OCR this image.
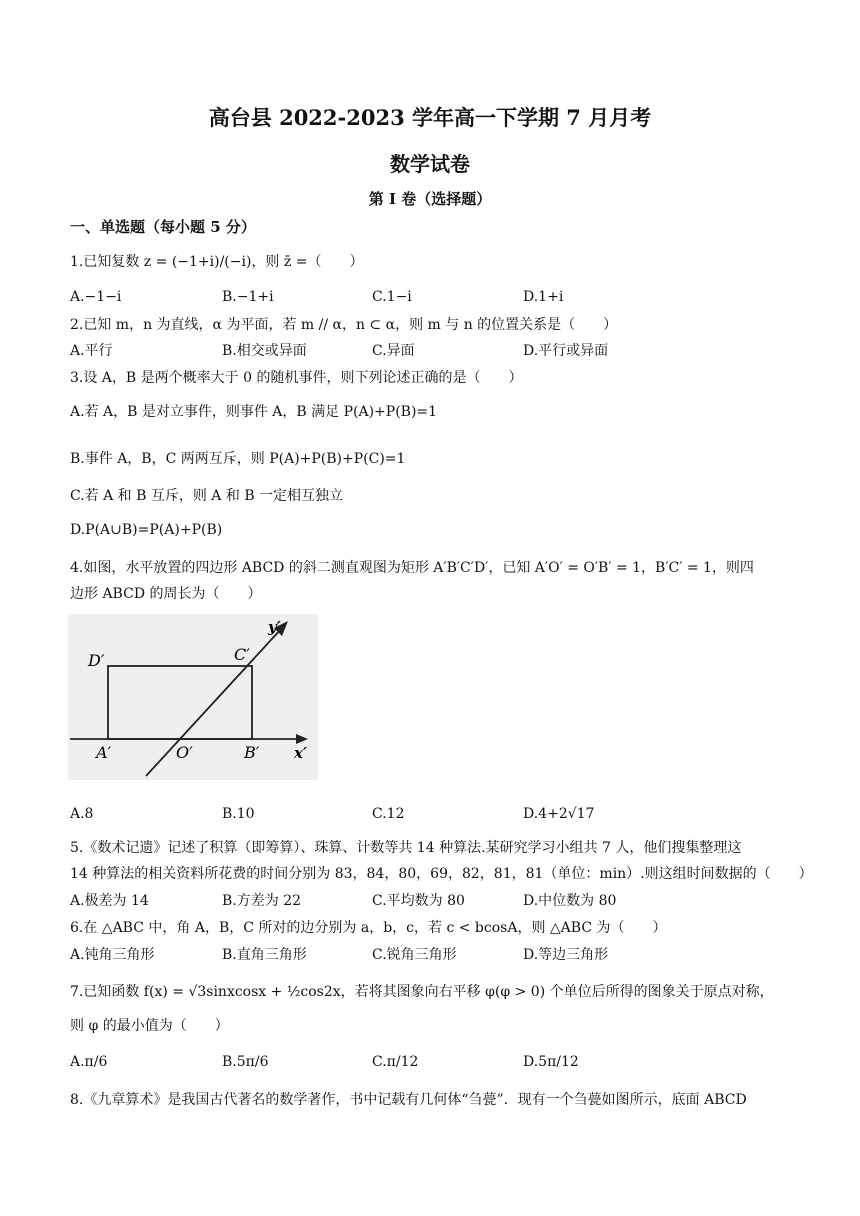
高台县 2022-2023 学年高一下学期 7 月月考
数学试卷
第 I 卷（选择题）
一、单选题（每小题 5 分）
1.已知复数 z = (−1+i)/(−i)，则 z̄ =（　　）
A.−1−i	B.−1+i	C.1−i	D.1+i
2.已知 m，n 为直线，α 为平面，若 m // α，n ⊂ α，则 m 与 n 的位置关系是（　　）
A.平行	B.相交或异面	C.异面	D.平行或异面
3.设 A，B 是两个概率大于 0 的随机事件，则下列论述正确的是（　　）
A.若 A，B 是对立事件，则事件 A，B 满足 P(A)+P(B)=1
B.事件 A，B，C 两两互斥，则 P(A)+P(B)+P(C)=1
C.若 A 和 B 互斥，则 A 和 B 一定相互独立
D.P(A∪B)=P(A)+P(B)
4.如图，水平放置的四边形 ABCD 的斜二测直观图为矩形 A′B′C′D′，已知 A′O′ = O′B′ = 1，B′C′ = 1，则四
边形 ABCD 的周长为（　　）
D′	C′
A′	O′	B′ x′
y′
A.8	B.10	C.12	D.4+2√17
5.《数术记遗》记述了积算（即筹算）、珠算、计数等共 14 种算法.某研究学习小组共 7 人，他们搜集整理这
14 种算法的相关资料所花费的时间分别为 83，84，80，69，82，81，81（单位：min）.则这组时间数据的（　　）
A.极差为 14	B.方差为 22	C.平均数为 80	D.中位数为 80
6.在 △ABC 中，角 A，B，C 所对的边分别为 a，b，c，若 c < bcosA，则 △ABC 为（　　）
A.钝角三角形	B.直角三角形	C.锐角三角形	D.等边三角形
7.已知函数 f(x) = √3sinxcosx + ½cos2x，若将其图象向右平移 φ(φ > 0) 个单位后所得的图象关于原点对称，
则 φ 的最小值为（　　）
A.π/6	B.5π/6	C.π/12	D.5π/12
8.《九章算术》是我国古代著名的数学著作，书中记载有几何体“刍甍”．现有一个刍甍如图所示，底面 ABCD
